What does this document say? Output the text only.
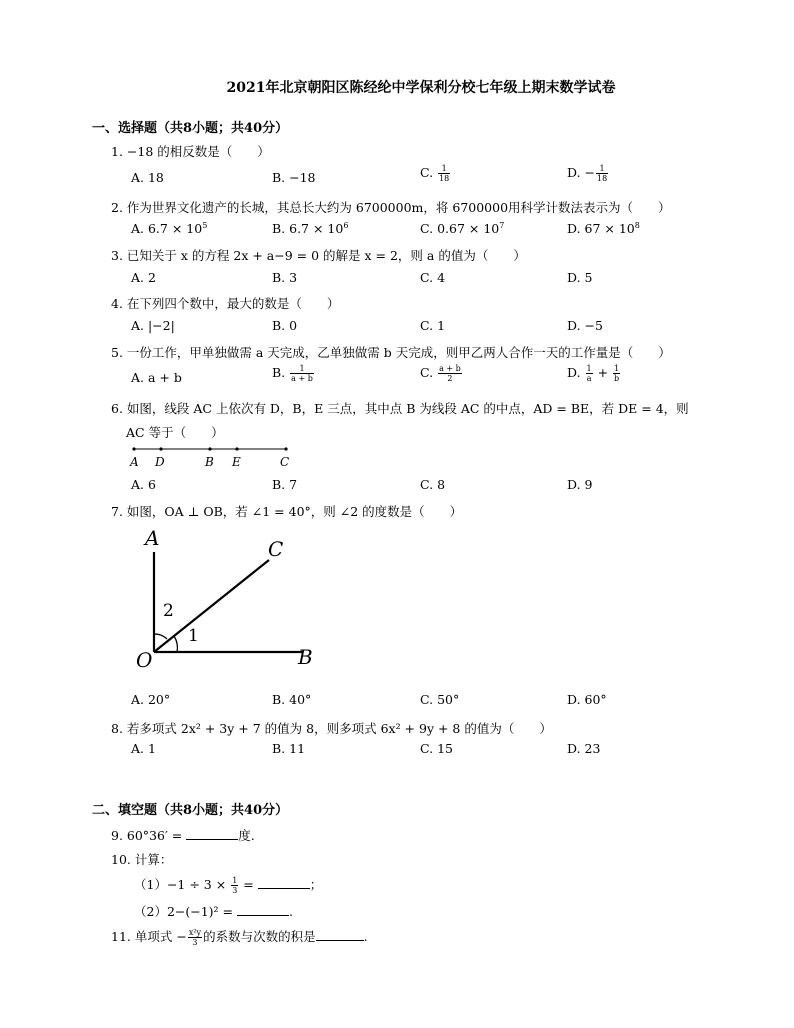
2021年北京朝阳区陈经纶中学保利分校七年级上期末数学试卷
一、选择题（共8小题；共40分）
1. −18 的相反数是（　　）
A. 18	B. −18	C. $\frac{1}{18}$	D. − $\frac{1}{18}$
2. 作为世界文化遗产的长城，其总长大约为 6700000m，将 6700000用科学计数法表示为（　　）
A. $6.7 \times 10^5$	B. $6.7 \times 10^6$	C. $0.67 \times 10^7$	D. $67 \times 10^8$
3. 已知关于 x 的方程 2x + a−9 = 0 的解是 x = 2，则 a 的值为（　　）
A. 2	B. 3	C. 4	D. 5
4. 在下列四个数中，最大的数是（　　）
A. |−2|	B. 0	C. 1	D. −5
5. 一份工作，甲单独做需 a 天完成，乙单独做需 b 天完成，则甲乙两人合作一天的工作量是（　　）
A. a + b	B. $\frac{1}{a + b}$	C. $\frac{a + b}{2}$	D. $\frac{1}{a} + \frac{1}{b}$
6. 如图，线段 AC 上依次有 D，B，E 三点，其中点 B 为线段 AC 的中点，AD = BE，若 DE = 4，则
AC 等于（　　）
A D	B E	C
A. 6	B. 7	C. 8	D. 9
7. 如图，OA ⊥ OB，若 ∠1 = 40°，则 ∠2 的度数是（　　）
A	C
B
O
2
1
A. 20°	B. 40°	C. 50°	D. 60°
8. 若多项式 2x² + 3y + 7 的值为 8，则多项式 6x² + 9y + 8 的值为（　　）
A. 1	B. 11	C. 15	D. 23
二、填空题（共8小题；共40分）
9. 60°36′ =	度.
10. 计算：
$(1)-1 \div 3 \times \frac{1}{3}$ =	；
（2）2−(−1)² =	.
11. 单项式 − $\frac{\text{x²y}}{3}$ 的系数与次数的积是	.
